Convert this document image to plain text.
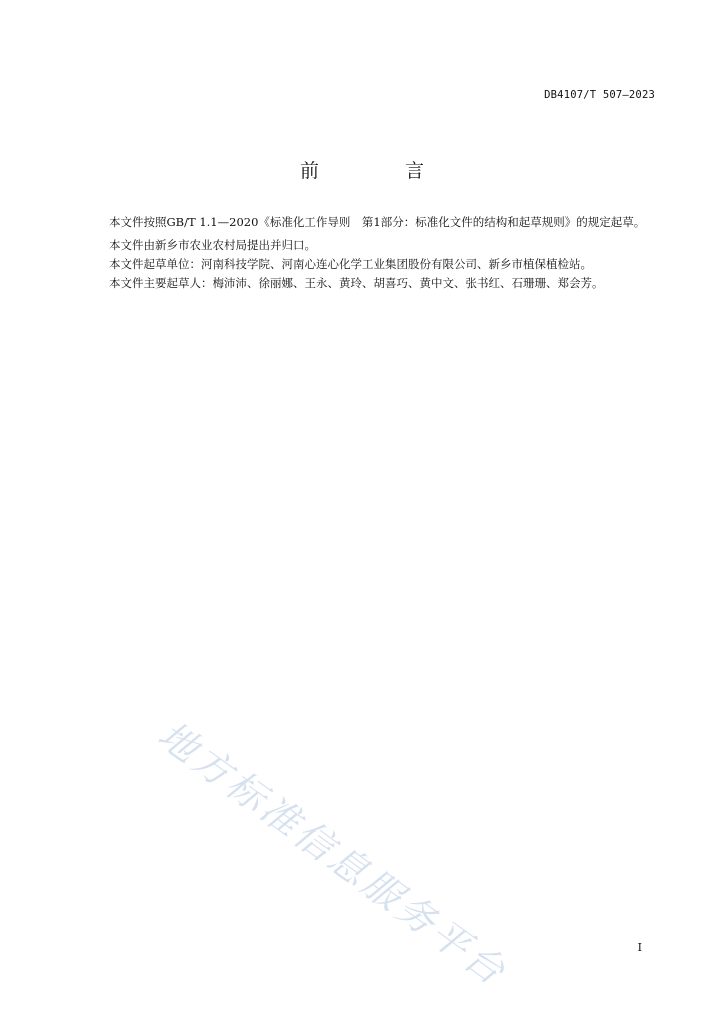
DB4107/T 507—2023
前 言

本文件按照GB/T 1.1—2020《标准化工作导则　第1部分：标准化文件的结构和起草规则》的规定起草。

本文件由新乡市农业农村局提出并归口。

本文件起草单位：河南科技学院、河南心连心化学工业集团股份有限公司、新乡市植保植检站。

本文件主要起草人：梅沛沛、徐丽娜、王永、黄玲、胡喜巧、黄中文、张书红、石珊珊、郑会芳。

地方标准信息服务平台	I
